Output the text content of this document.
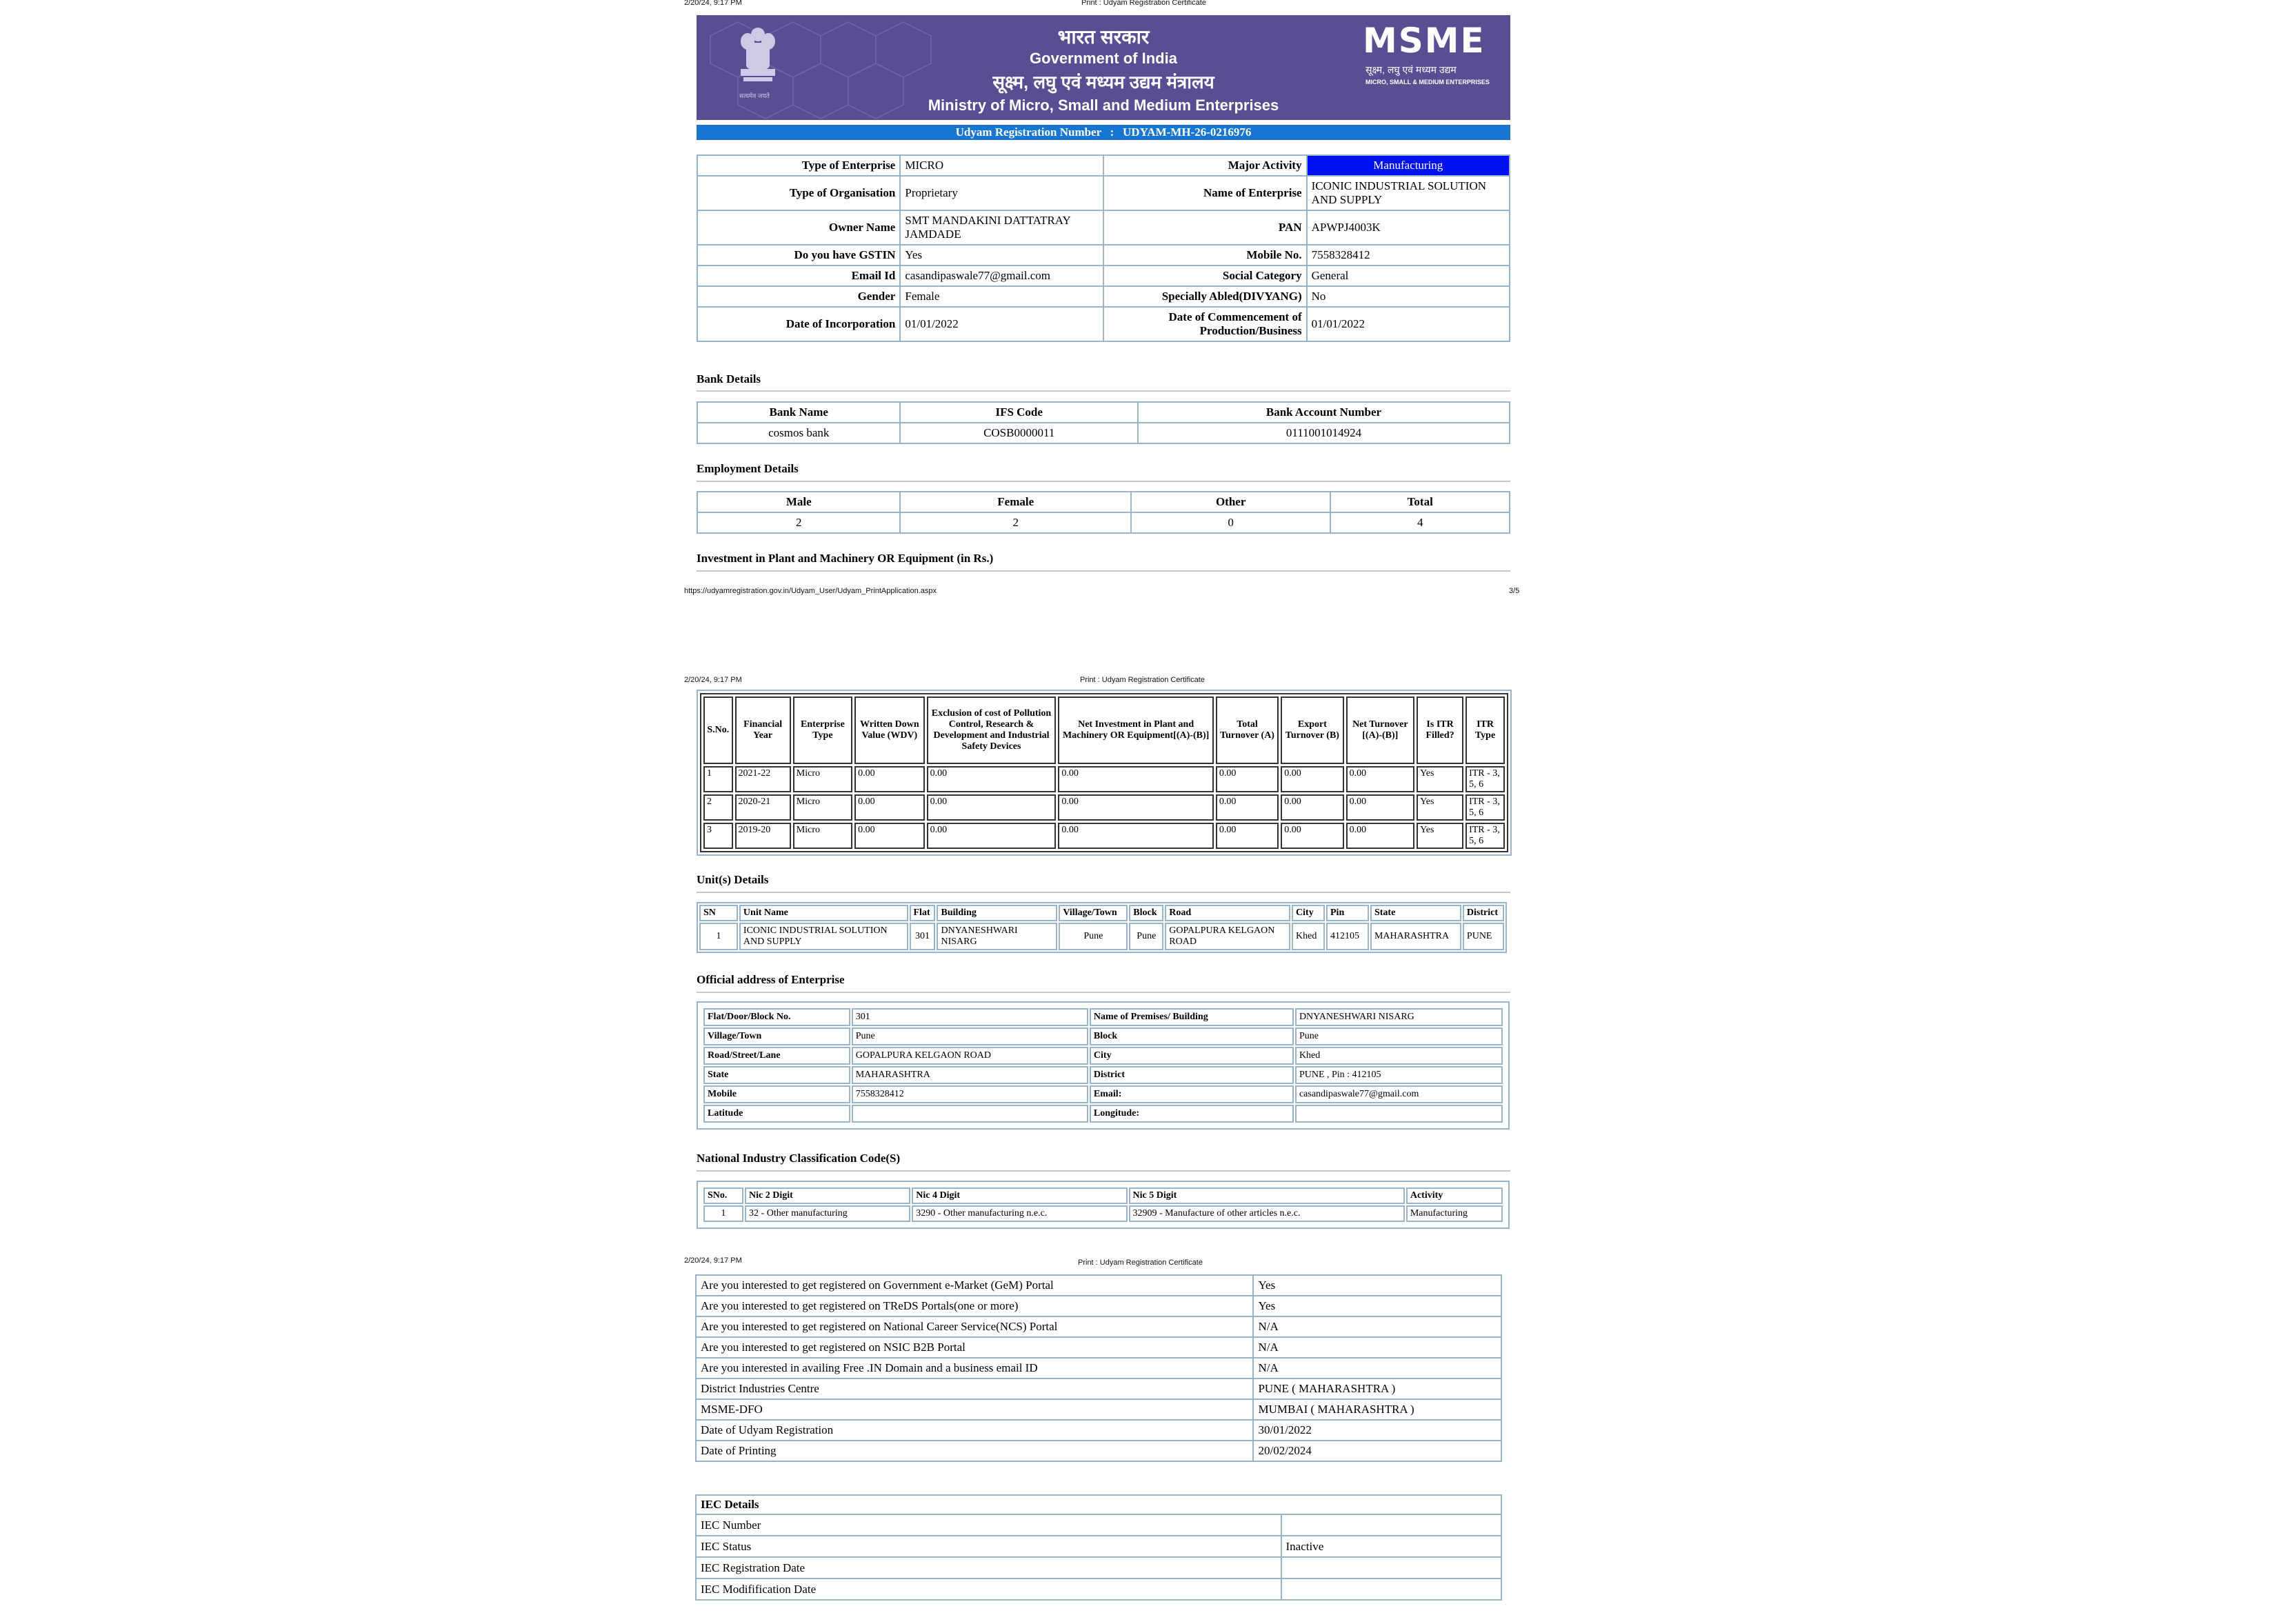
2/20/24, 9:17 PM	Print : Udyam Registration Certificate
सत्यमेव जयते
भारत सरकार
Government of India
सूक्ष्म, लघु एवं मध्यम उद्यम मंत्रालय
Ministry of Micro, Small and Medium Enterprises
MSME
सूक्ष्म, लघु एवं मध्यम उद्यम
MICRO, SMALL & MEDIUM ENTERPRISES
Udyam Registration Number : UDYAM-MH-26-0216976
Type of Enterprise	MICRO	Major Activity	Manufacturing
Type of Organisation	Proprietary	Name of Enterprise	ICONIC INDUSTRIAL SOLUTION AND SUPPLY
Owner Name	SMT MANDAKINI DATTATRAY JAMDADE	PAN	APWPJ4003K
Do you have GSTIN	Yes	Mobile No.	7558328412
Email Id	casandipaswale77@gmail.com	Social Category	General
Gender	Female	Specially Abled(DIVYANG)	No
Date of Incorporation	01/01/2022	Date of Commencement of Production/Business	01/01/2022
Bank Details
Bank Name	IFS Code	Bank Account Number
cosmos bank	COSB0000011	0111001014924
Employment Details
Male	Female	Other	Total
2	2	0	4
Investment in Plant and Machinery OR Equipment (in Rs.)
https://udyamregistration.gov.in/Udyam_User/Udyam_PrintApplication.aspx	3/5
2/20/24, 9:17 PM	Print : Udyam Registration Certificate
S.No.	Financial Year	Enterprise Type	Written Down Value (WDV)	Exclusion of cost of Pollution Control, Research & Development and Industrial Safety Devices	Net Investment in Plant and Machinery OR Equipment[(A)-(B)]	Total Turnover (A)	Export Turnover (B)	Net Turnover [(A)-(B)]	Is ITR Filled?	ITR Type
1	2021-22	Micro	0.00	0.00	0.00	0.00	0.00	0.00	Yes	ITR - 3, 5, 6
2	2020-21	Micro	0.00	0.00	0.00	0.00	0.00	0.00	Yes	ITR - 3, 5, 6
3	2019-20	Micro	0.00	0.00	0.00	0.00	0.00	0.00	Yes	ITR - 3, 5, 6
Unit(s) Details
SN	Unit Name	Flat	Building	Village/Town	Block	Road	City	Pin	State	District
1	ICONIC INDUSTRIAL SOLUTION AND SUPPLY	301	DNYANESHWARI NISARG	Pune	Pune	GOPALPURA KELGAON ROAD	Khed	412105	MAHARASHTRA	PUNE
Official address of Enterprise
Flat/Door/Block No.	301	Name of Premises/ Building	DNYANESHWARI NISARG
Village/Town	Pune	Block	Pune
Road/Street/Lane	GOPALPURA KELGAON ROAD	City	Khed
State	MAHARASHTRA	District	PUNE , Pin : 412105
Mobile	7558328412	Email:	casandipaswale77@gmail.com
Latitude		Longitude:	
National Industry Classification Code(S)
SNo.	Nic 2 Digit	Nic 4 Digit	Nic 5 Digit	Activity
1	32 - Other manufacturing	3290 - Other manufacturing n.e.c.	32909 - Manufacture of other articles n.e.c.	Manufacturing
2/20/24, 9:17 PM	Print : Udyam Registration Certificate
Are you interested to get registered on Government e-Market (GeM) Portal	Yes
Are you interested to get registered on TReDS Portals(one or more)	Yes
Are you interested to get registered on National Career Service(NCS) Portal	N/A
Are you interested to get registered on NSIC B2B Portal	N/A
Are you interested in availing Free .IN Domain and a business email ID	N/A
District Industries Centre	PUNE ( MAHARASHTRA )
MSME-DFO	MUMBAI ( MAHARASHTRA )
Date of Udyam Registration	30/01/2022
Date of Printing	20/02/2024
IEC Details	
IEC Number	
IEC Status	Inactive
IEC Registration Date	
IEC Modifification Date	
